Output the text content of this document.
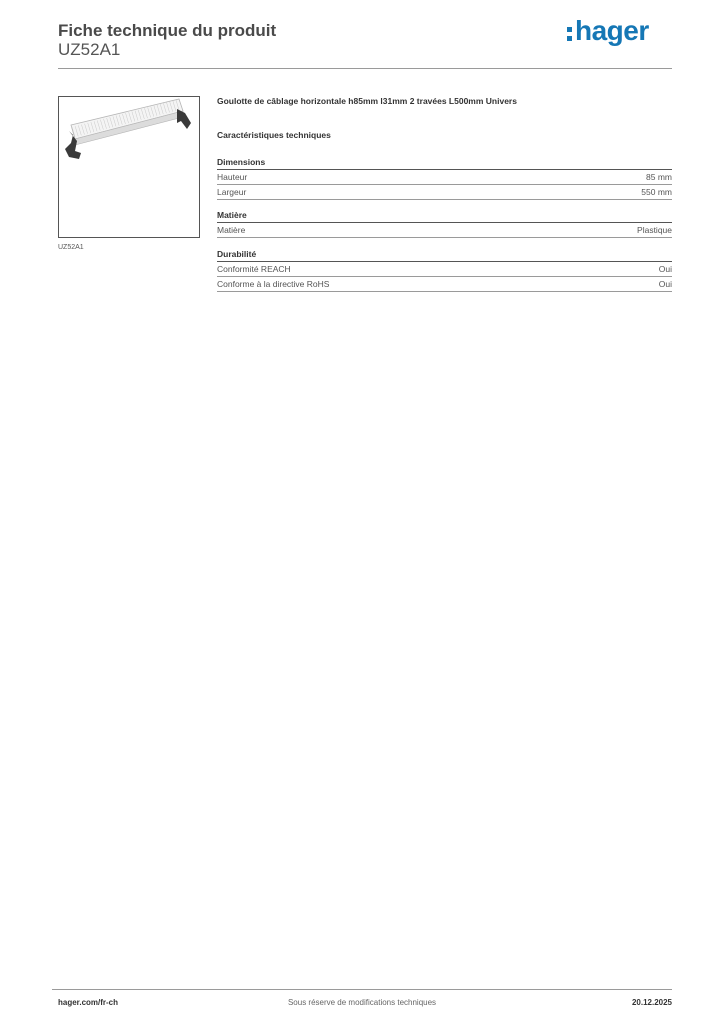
Fiche technique du produit
UZ52A1
hager
UZ52A1
Goulotte de câblage horizontale h85mm l31mm 2 travées L500mm Univers
Caractéristiques techniques
Dimensions
Hauteur	85 mm
Largeur	550 mm
Matière
Matière	Plastique
Durabilité
Conformité REACH	Oui
Conforme à la directive RoHS	Oui
hager.com/fr-ch	Sous réserve de modifications techniques	20.12.2025
